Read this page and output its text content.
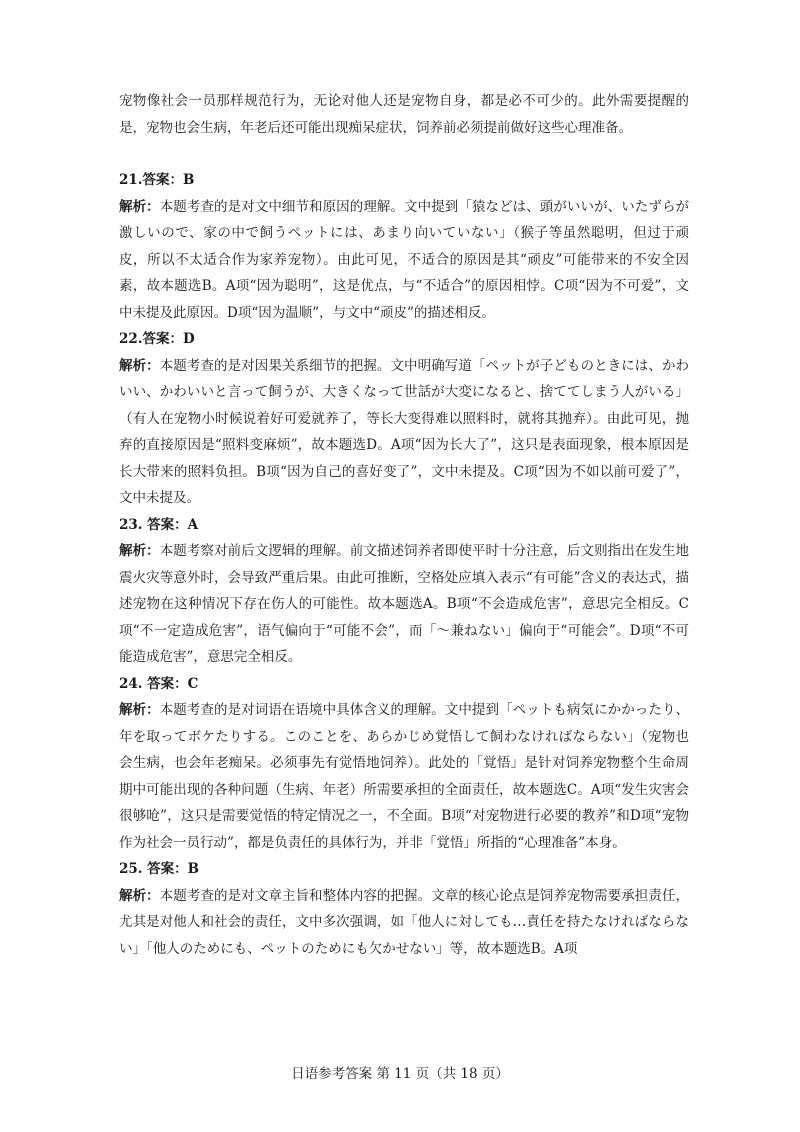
宠物像社会一员那样规范行为，无论对他人还是宠物自身，都是必不可少的。此外需要提醒的是，宠物也会生病，年老后还可能出现痴呆症状，饲养前必须提前做好这些心理准备。

21.答案：B

解析：本题考查的是对文中细节和原因的理解。文中提到「猿などは、頭がいいが、いたずらが激しいので、家の中で飼うペットには、あまり向いていない」（猴子等虽然聪明，但过于顽皮，所以不太适合作为家养宠物）。由此可见，不适合的原因是其“顽皮”可能带来的不安全因素，故本题选B。A项“因为聪明”，这是优点，与“不适合”的原因相悖。C项“因为不可爱”，文中未提及此原因。D项“因为温顺”，与文中“顽皮”的描述相反。

22.答案：D

解析：本题考查的是对因果关系细节的把握。文中明确写道「ペットが子どものときには、かわいい、かわいいと言って飼うが、大きくなって世話が大変になると、捨ててしまう人がいる」（有人在宠物小时候说着好可爱就养了，等长大变得难以照料时，就将其抛弃）。由此可见，抛弃的直接原因是“照料变麻烦”，故本题选D。A项“因为长大了”，这只是表面现象，根本原因是长大带来的照料负担。B项“因为自己的喜好变了”，文中未提及。C项“因为不如以前可爱了”，文中未提及。

23. 答案：A

解析：本题考察对前后文逻辑的理解。前文描述饲养者即使平时十分注意，后文则指出在发生地震火灾等意外时，会导致严重后果。由此可推断，空格处应填入表示“有可能”含义的表达式，描述宠物在这种情况下存在伤人的可能性。故本题选A。B项“不会造成危害”，意思完全相反。C项“不一定造成危害”，语气偏向于“可能不会”，而「～兼ねない」偏向于“可能会”。D项“不可能造成危害”，意思完全相反。

24. 答案：C

解析：本题考查的是对词语在语境中具体含义的理解。文中提到「ペットも病気にかかったり、年を取ってボケたりする。このことを、あらかじめ覚悟して飼わなければならない」（宠物也会生病，也会年老痴呆。必须事先有觉悟地饲养）。此处的「覚悟」是针对饲养宠物整个生命周期中可能出现的各种问题（生病、年老）所需要承担的全面责任，故本题选C。A项“发生灾害会很够呛”，这只是需要觉悟的特定情况之一，不全面。B项“对宠物进行必要的教养”和D项“宠物作为社会一员行动”，都是负责任的具体行为，并非「覚悟」所指的“心理准备”本身。

25. 答案：B

解析：本题考查的是对文章主旨和整体内容的把握。文章的核心论点是饲养宠物需要承担责任，尤其是对他人和社会的责任，文中多次强调，如「他人に対しても…責任を持たなければならない」「他人のためにも、ペットのためにも欠かせない」等，故本题选B。A项

日语参考答案 第 11 页（共 18 页）
